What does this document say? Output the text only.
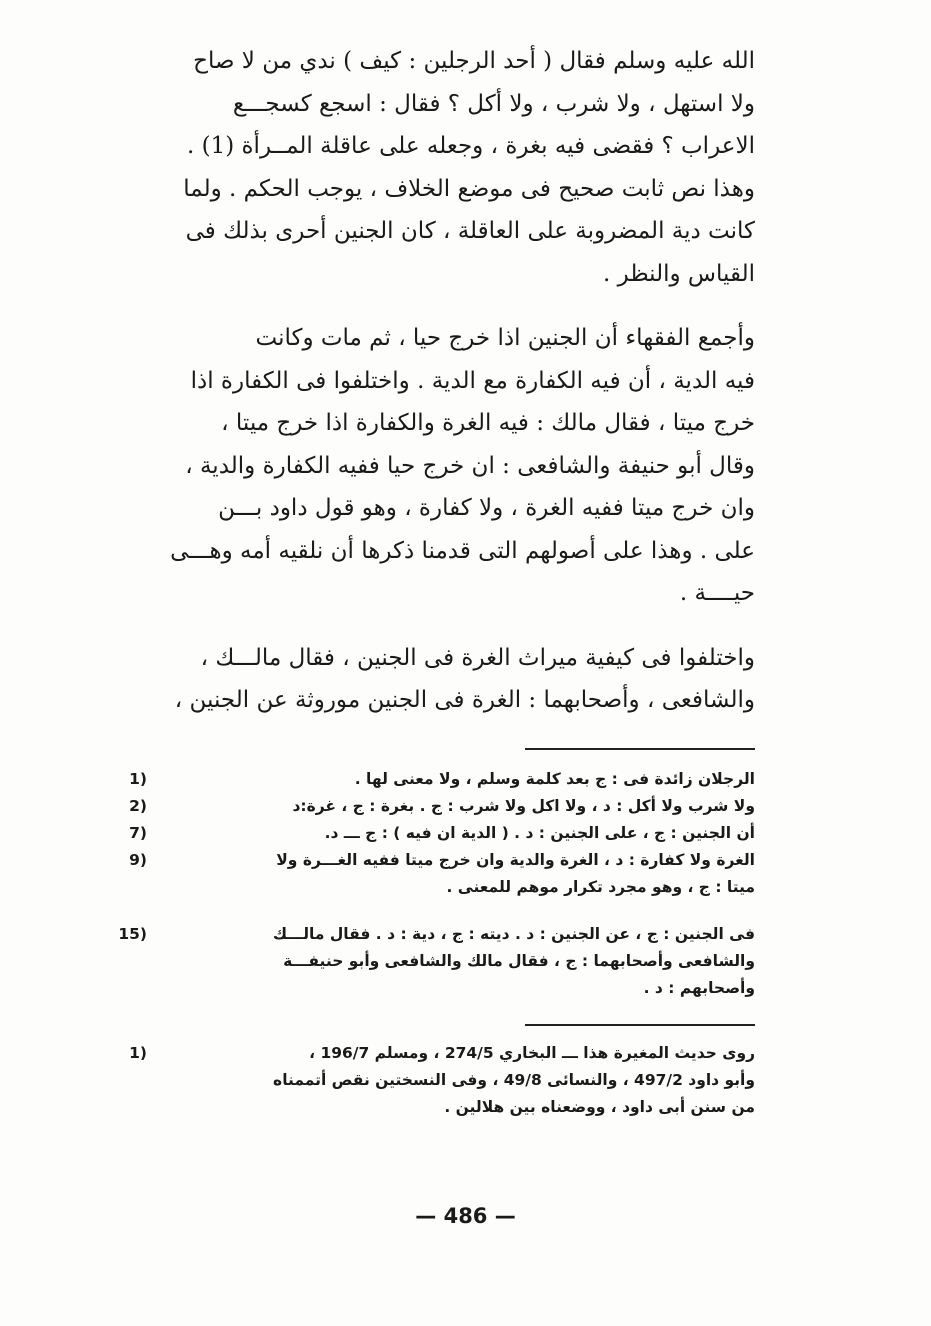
الله عليه وسلم فقال ( أحد الرجلين : كيف ) ندي من لا صاح
ولا استهل ، ولا شرب ، ولا أكل ؟ فقال : اسجع كسجـــع
الاعراب ؟ فقضى فيه بغرة ، وجعله على عاقلة المــرأة (1) .
وهذا نص ثابت صحيح فى موضع الخلاف ، يوجب الحكم . ولما
كانت دية المضروبة على العاقلة ، كان الجنين أحرى بذلك فى
القياس والنظر .

وأجمع الفقهاء أن الجنين اذا خرج حيا ، ثم مات وكانت
فيه الدية ، أن فيه الكفارة مع الدية . واختلفوا فى الكفارة اذا
خرج ميتا ، فقال مالك : فيه الغرة والكفارة اذا خرج ميتا ،
وقال أبو حنيفة والشافعى : ان خرج حيا ففيه الكفارة والدية ،
وان خرج ميتا ففيه الغرة ، ولا كفارة ، وهو قول داود بـــن
على . وهذا على أصولهم التى قدمنا ذكرها أن نلقيه أمه وهـــى
حيــــة .

واختلفوا فى كيفية ميراث الغرة فى الجنين ، فقال مالـــك ،
والشافعى ، وأصحابهما : الغرة فى الجنين موروثة عن الجنين ،

الرجلان زائدة فى : ج بعد كلمة وسلم ، ولا معنى لها .
1)
ولا شرب ولا أكل : د ، ولا اكل ولا شرب : ج . بغرة : ج ، غرة:د
2)
أن الجنين : ج ، على الجنين : د . ( الدية ان فيه ) : ج ـــ د.
7)
الغرة ولا كفارة : د ، الغرة والدية وان خرج ميتا ففيه الغـــرة ولا
ميتا : ج ، وهو مجرد تكرار موهم للمعنى .
9)
فى الجنين : ج ، عن الجنين : د . ديته : ج ، دية : د . فقال مالـــك
والشافعى وأصحابهما : ج ، فقال مالك والشافعى وأبو حنيفـــة
وأصحابهم : د .
15)
روى حديث المغيرة هذا ـــ البخاري 274/5 ، ومسلم 196/7 ،
وأبو داود 497/2 ، والنسائى 49/8 ، وفى النسختين نقص أتممناه
من سنن أبى داود ، ووضعناه بين هلالين .
1)
— 486 —
